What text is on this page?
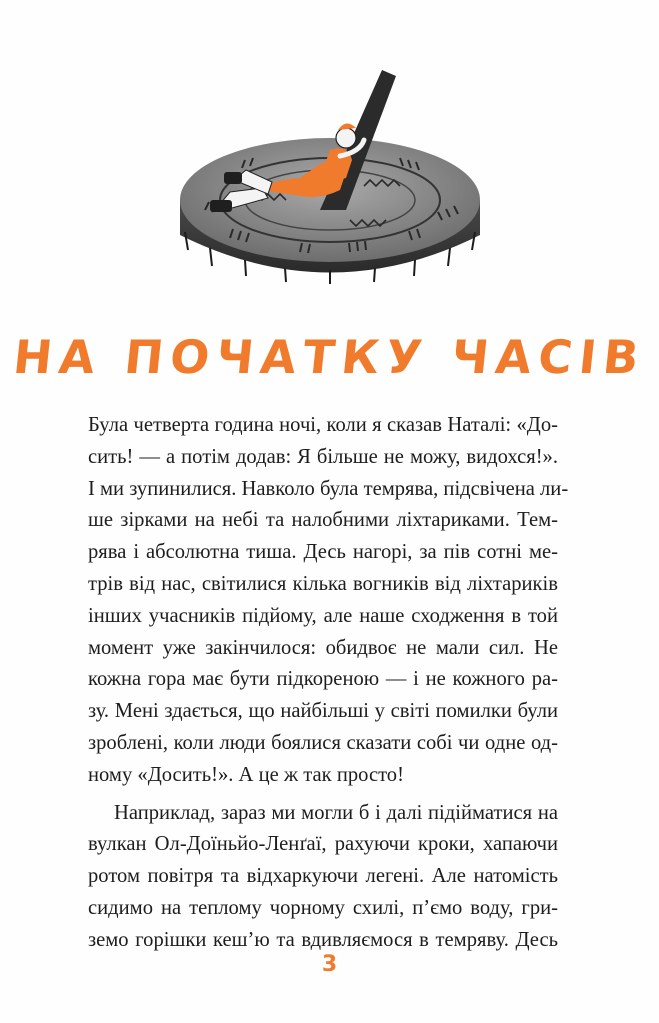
НА ПОЧАТКУ ЧАСІВ
Була четверта година ночі, коли я сказав Наталі: «До-
сить! — а потім додав: Я більше не можу, видохся!».
І ми зупинилися. Навколо була темрява, підсвічена ли-
ше зірками на небі та налобними ліхтариками. Тем-
рява і абсолютна тиша. Десь нагорі, за пів сотні ме-
трів від нас, світилися кілька вогників від ліхтариків
інших учасників підйому, але наше сходження в той
момент уже закінчилося: обидвоє не мали сил. Не
кожна гора має бути підкореною — і не кожного ра-
зу. Мені здається, що найбільші у світі помилки були
зроблені, коли люди боялися сказати собі чи одне од-
ному «Досить!». А це ж так просто!
Наприклад, зараз ми могли б і далі підійматися на
вулкан Ол-Доїньйо-Ленґаї, рахуючи кроки, хапаючи
ротом повітря та відхаркуючи легені. Але натомість
сидимо на теплому чорному схилі, п’ємо воду, гри-
земо горішки кеш’ю та вдивляємося в темряву. Десь
3
